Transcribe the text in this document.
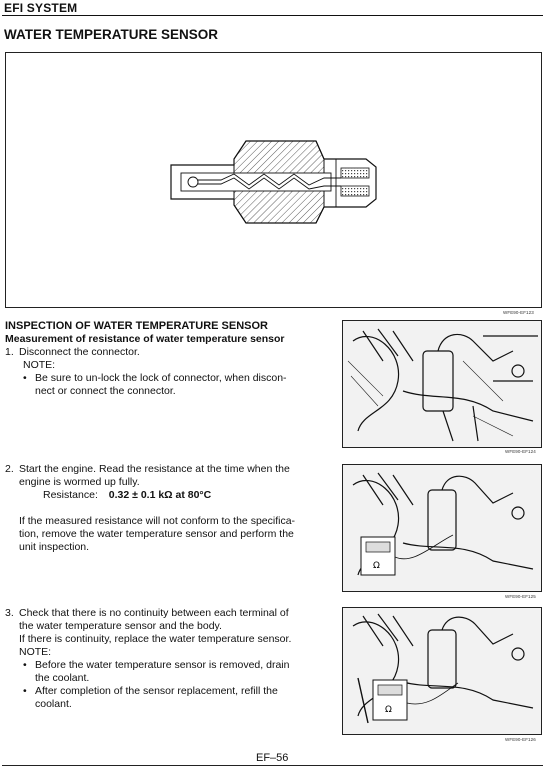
EFI SYSTEM
WATER TEMPERATURE SENSOR
WFE90-EF123
INSPECTION OF WATER TEMPERATURE SENSOR
Measurement of resistance of water temperature sensor
1. Disconnect the connector.
NOTE:
• Be sure to un-lock the lock of connector, when discon-
nect or connect the connector.
2. Start the engine. Read the resistance at the time when the
engine is wormed up fully.
Resistance: 0.32 ± 0.1 kΩ at 80°C
If the measured resistance will not conform to the specifica-
tion, remove the water temperature sensor and perform the
unit inspection.
3. Check that there is no continuity between each terminal of
the water temperature sensor and the body.
If there is continuity, replace the water temperature sensor.
NOTE:
• Before the water temperature sensor is removed, drain
the coolant.
• After completion of the sensor replacement, refill the
coolant.
WFE90-EF124
Ω
WFE90-EF125
Ω
WFE90-EF126
EF–56
